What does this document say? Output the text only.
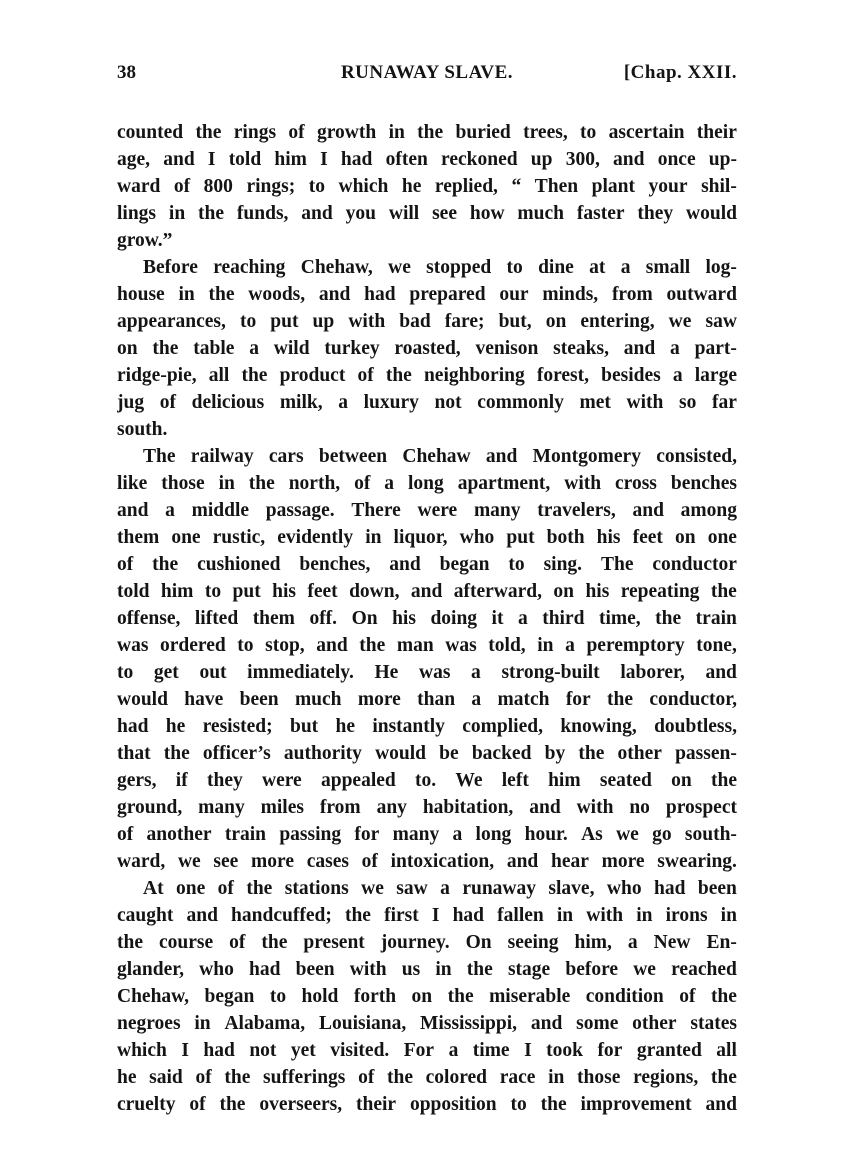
38	RUNAWAY SLAVE.	[Chap. XXII.
counted the rings of growth in the buried trees, to ascertain their
age, and I told him I had often reckoned up 300, and once up-
ward of 800 rings; to which he replied, “ Then plant your shil-
lings in the funds, and you will see how much faster they would
grow.”
Before reaching Chehaw, we stopped to dine at a small log-
house in the woods, and had prepared our minds, from outward
appearances, to put up with bad fare; but, on entering, we saw
on the table a wild turkey roasted, venison steaks, and a part-
ridge-pie, all the product of the neighboring forest, besides a large
jug of delicious milk, a luxury not commonly met with so far
south.
The railway cars between Chehaw and Montgomery consisted,
like those in the north, of a long apartment, with cross benches
and a middle passage. There were many travelers, and among
them one rustic, evidently in liquor, who put both his feet on one
of the cushioned benches, and began to sing. The conductor
told him to put his feet down, and afterward, on his repeating the
offense, lifted them off. On his doing it a third time, the train
was ordered to stop, and the man was told, in a peremptory tone,
to get out immediately. He was a strong-built laborer, and
would have been much more than a match for the conductor,
had he resisted; but he instantly complied, knowing, doubtless,
that the officer’s authority would be backed by the other passen-
gers, if they were appealed to. We left him seated on the
ground, many miles from any habitation, and with no prospect
of another train passing for many a long hour. As we go south-
ward, we see more cases of intoxication, and hear more swearing.
At one of the stations we saw a runaway slave, who had been
caught and handcuffed; the first I had fallen in with in irons in
the course of the present journey. On seeing him, a New En-
glander, who had been with us in the stage before we reached
Chehaw, began to hold forth on the miserable condition of the
negroes in Alabama, Louisiana, Mississippi, and some other states
which I had not yet visited. For a time I took for granted all
he said of the sufferings of the colored race in those regions, the
cruelty of the overseers, their opposition to the improvement and
